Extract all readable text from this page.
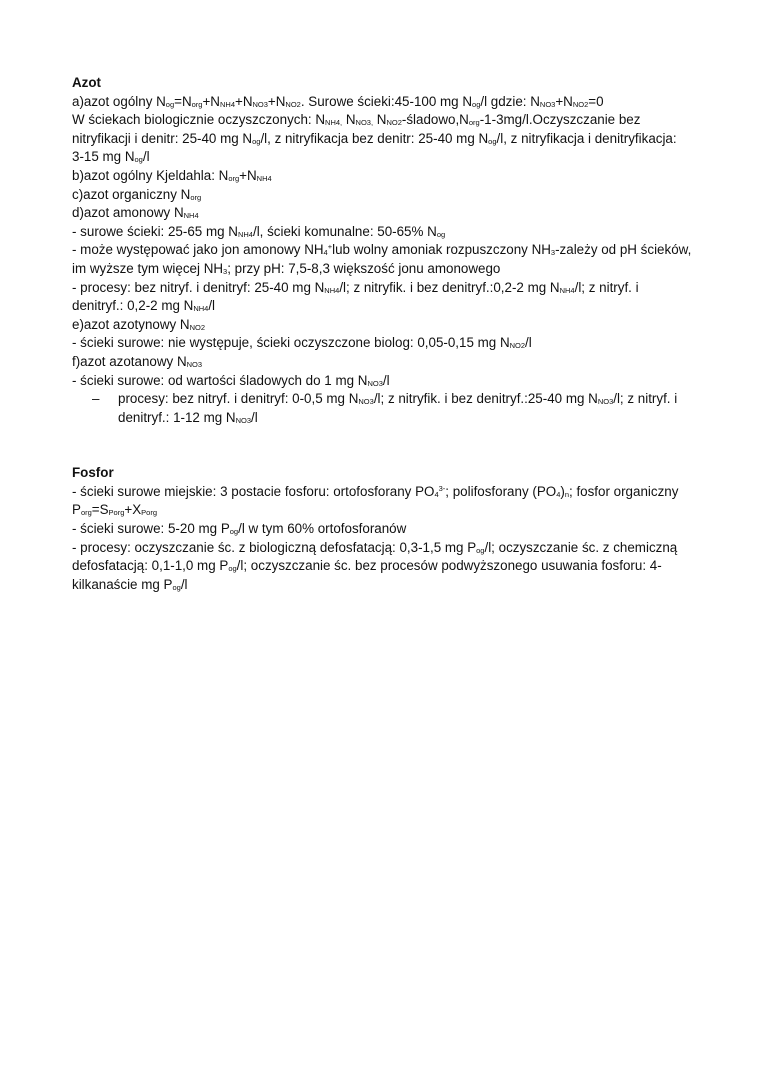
Azot
a)azot ogólny $N_{og}=N_{org}+N_{NH4}+N_{NO3}+N_{NO2}$. Surowe ścieki:45-100 mg $N_{og}/l$ gdzie: $N_{NO3}+N_{NO2}=0$
W ściekach biologicznie oczyszczonych: $N_{NH4,}$ $N_{NO3,}$ $N_{NO2}-śladowo,N_{org}-1-3mg/l.Oczyszczanie$ bez nitryfikacji i denitr: 25-40 mg $N_{og}/l$, z nitryfikacja bez denitr: 25-40 mg $N_{og}/l$, z nitryfikacja i denitryfikacja: 3-15 mg $N_{og}/l$
b)azot ogólny Kjeldahla: $N_{org}+N_{NH4}$
c)azot organiczny $N_{org}$
d)azot amonowy $N_{NH4}$
- surowe ścieki: 25-65 mg $N_{NH4}/l$, ścieki komunalne: 50-65% $N_{og}$
- może występować jako jon amonowy $NH_4^+lub$ wolny amoniak rozpuszczony $NH_3$-zależy od pH ścieków, im wyższe tym więcej $NH_3$; przy pH: 7,5-8,3 większość jonu amonowego
- procesy: bez nitryf. i denitryf: 25-40 mg $N_{NH4}/l$; z nitryfik. i bez denitryf.:0,2-2 mg $N_{NH4}/l$; z nitryf. i denitryf.: 0,2-2 mg $N_{NH4}/l$
e)azot azotynowy $N_{NO2}$
- ścieki surowe: nie występuje, ścieki oczyszczone biolog: 0,05-0,15 mg $N_{NO2}/l$
f)azot azotanowy $N_{NO3}$
- ścieki surowe: od wartości śladowych do 1 mg $N_{NO3}/l$
– procesy: bez nitryf. i denitryf: 0-0,5 mg $N_{NO3}/l$; z nitryfik. i bez denitryf.:25-40 mg $N_{NO3}/l$; z nitryf. i denitryf.: 1-12 mg $N_{NO3}/l$
Fosfor
- ścieki surowe miejskie: 3 postacie fosforu: ortofosforany $PO_4^{3-}$; polifosforany $(PO_4)_n$; fosfor organiczny $P_{org}=S_{Porg}+X_{Porg}$
- ścieki surowe: 5-20 mg $P_{og}/l$ w tym 60% ortofosforanów
- procesy: oczyszczanie śc. z biologiczną defosfatacją: 0,3-1,5 mg $P_{og}/l$; oczyszczanie śc. z chemiczną defosfatacją: 0,1-1,0 mg $P_{og}/l$; oczyszczanie śc. bez procesów podwyższonego usuwania fosforu: 4-kilkanaście mg $P_{og}/l$
